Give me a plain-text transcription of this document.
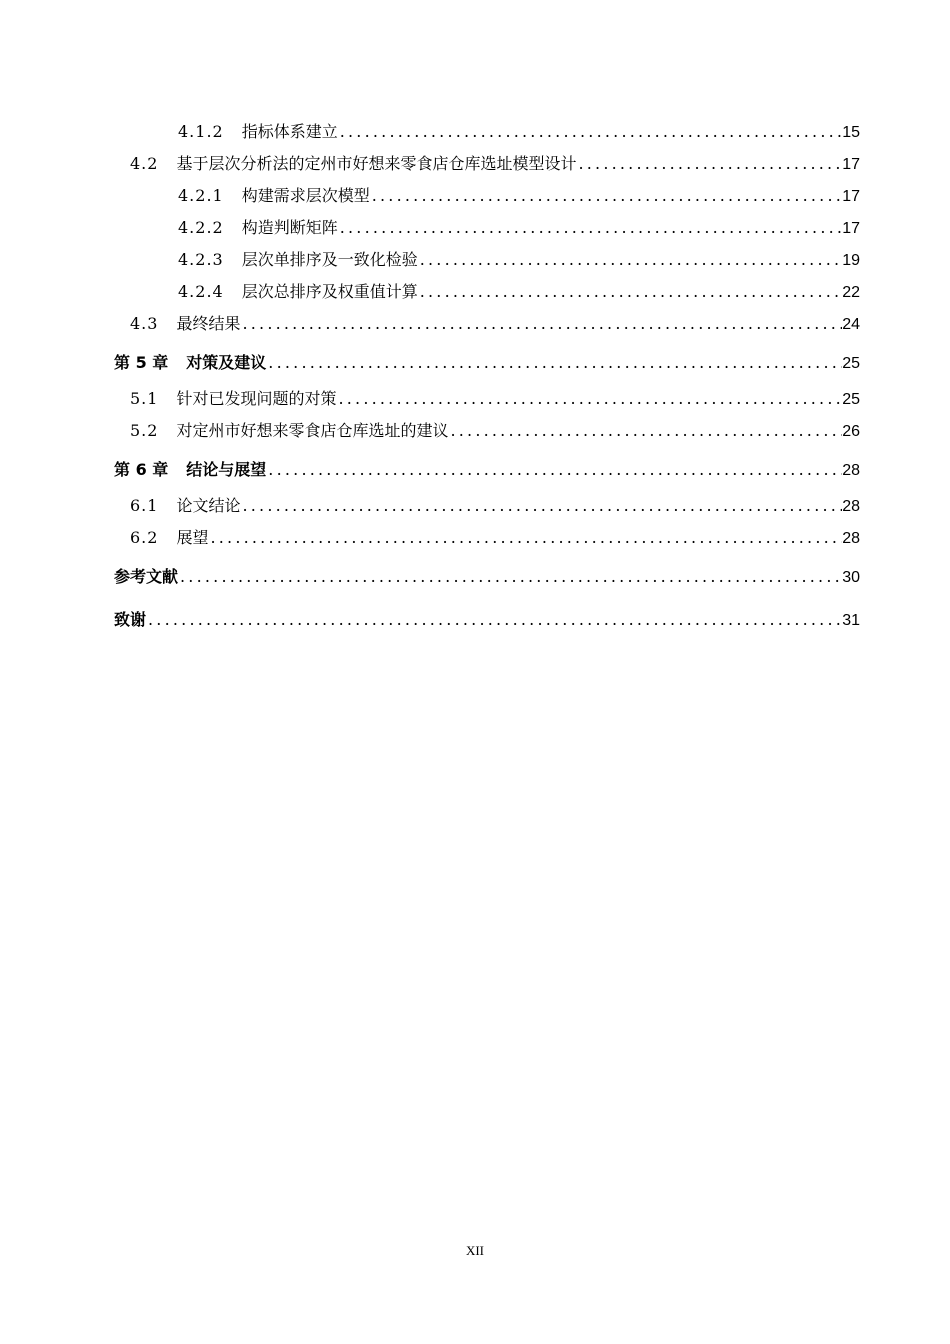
4.1.2 指标体系建立 .....	15
4.2 基于层次分析法的定州市好想来零食店仓库选址模型设计 .....	17
4.2.1 构建需求层次模型 .....	17
4.2.2 构造判断矩阵 .....	17
4.2.3 层次单排序及一致化检验 .....	19
4.2.4 层次总排序及权重值计算 .....	22
4.3 最终结果 .....	24
第 5 章 对策及建议 .....	25
5.1 针对已发现问题的对策 .....	25
5.2 对定州市好想来零食店仓库选址的建议 .....	26
第 6 章 结论与展望 .....	28
6.1 论文结论 .....	28
6.2 展望 .....	28
参考文献 .....	30
致谢 .....	31
XII
